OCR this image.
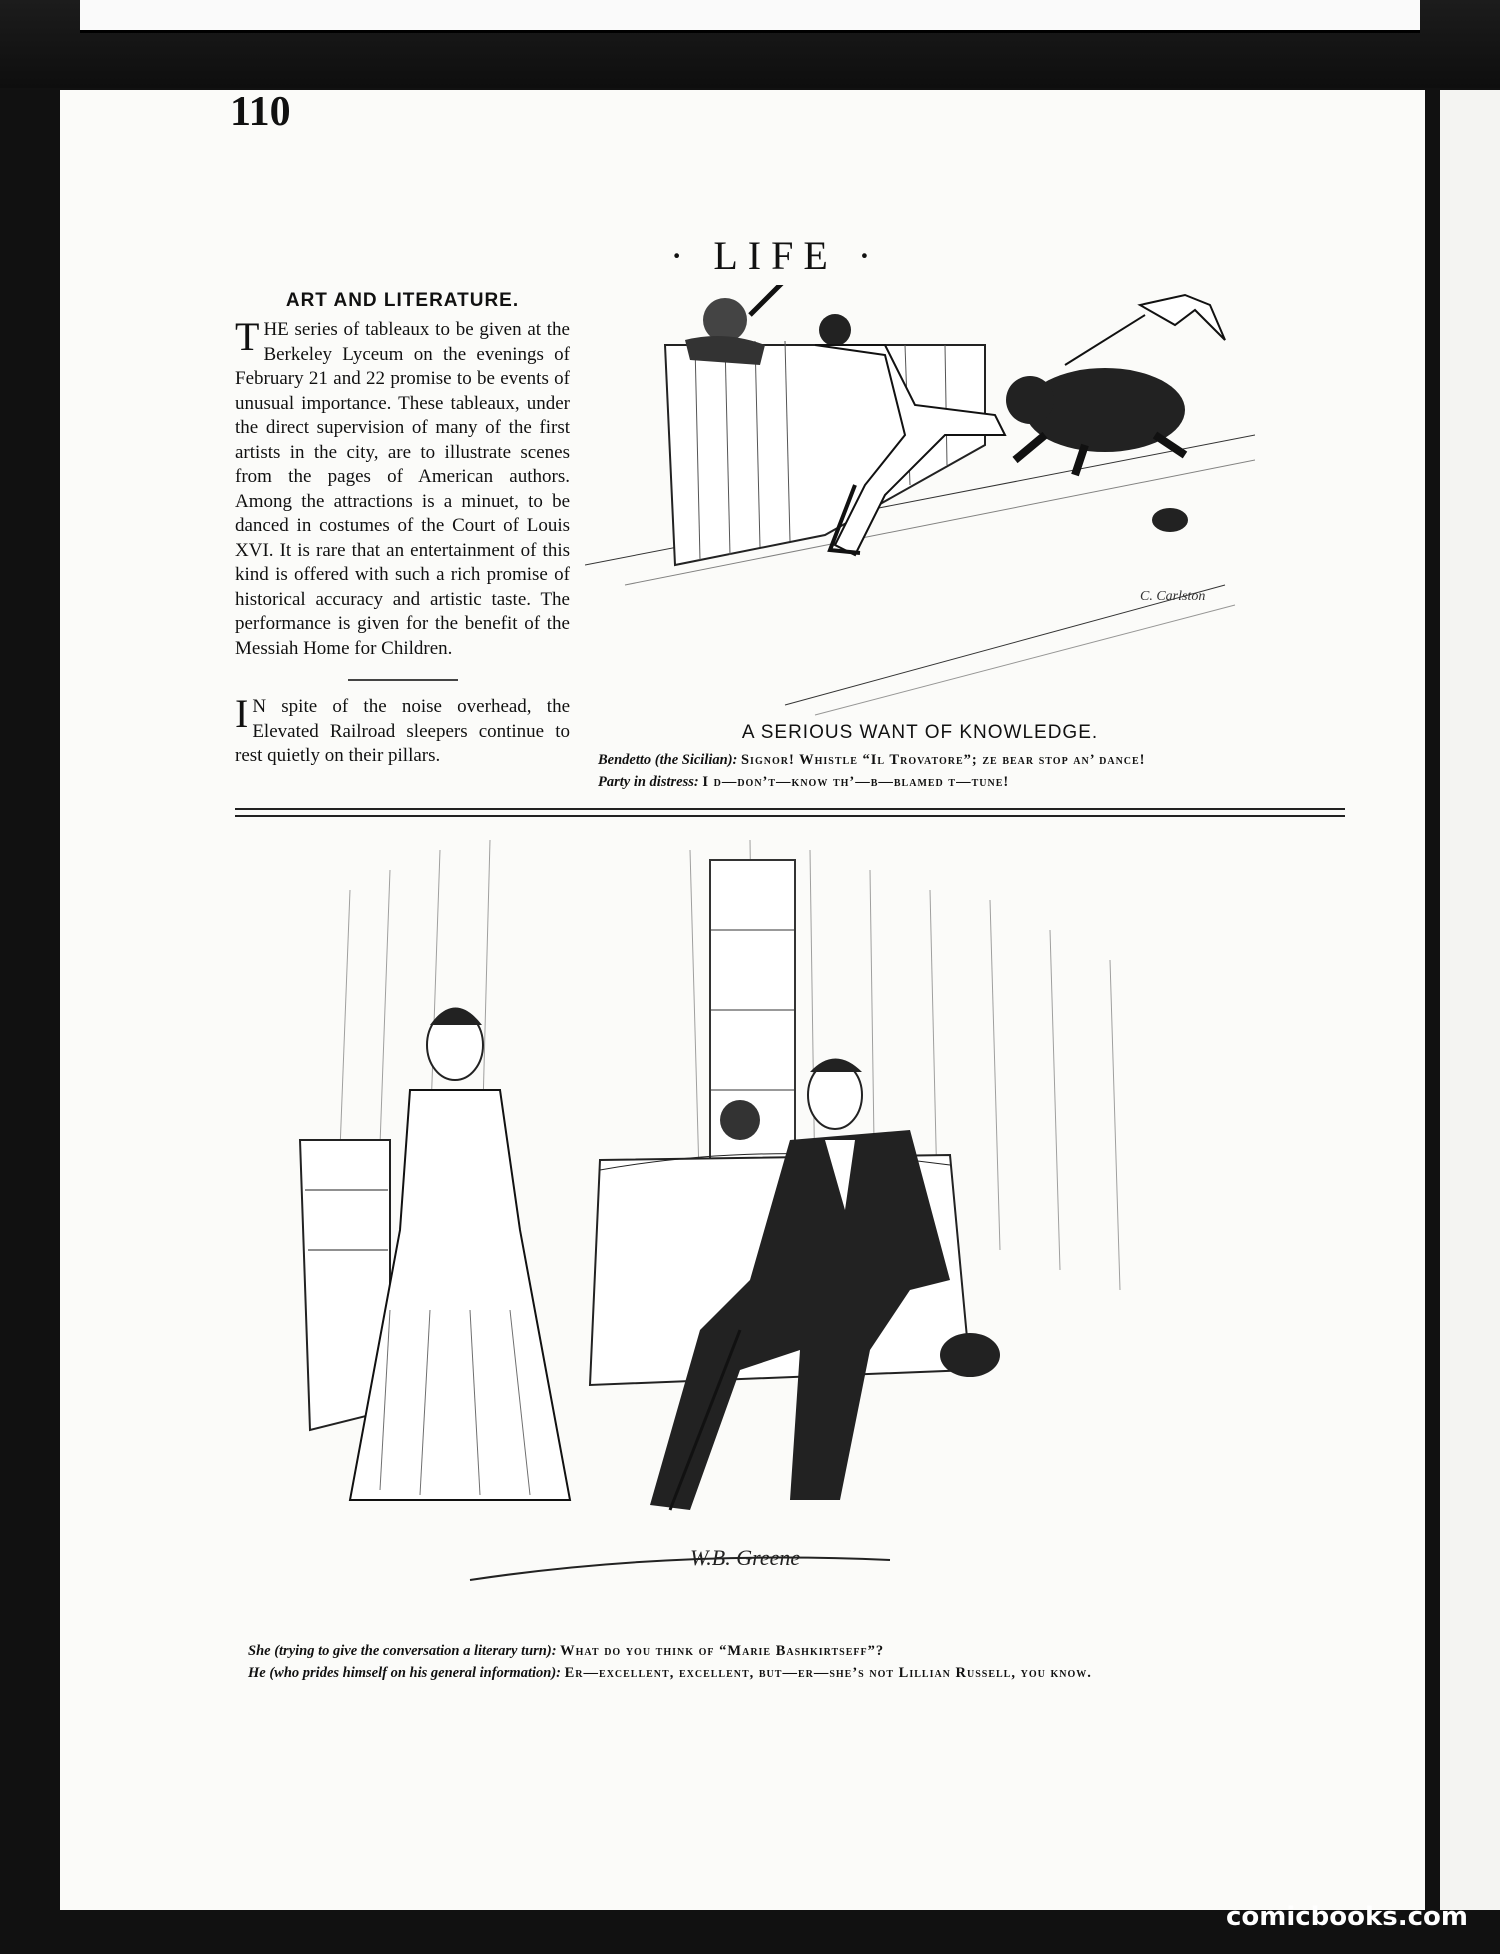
110
· LIFE ·
ART AND LITERATURE.

THE series of tableaux to be given at the Berkeley Lyceum on the evenings of February 21 and 22 promise to be events of unusual importance. These tableaux, under the direct supervision of many of the first artists in the city, are to illustrate scenes from the pages of American authors. Among the attractions is a minuet, to be danced in costumes of the Court of Louis XVI. It is rare that an entertainment of this kind is offered with such a rich promise of historical accuracy and artistic taste. The performance is given for the benefit of the Messiah Home for Children.

I N spite of the noise overhead, the Elevated Railroad sleepers continue to rest quietly on their pillars.

C. Carlston
A SERIOUS WANT OF KNOWLEDGE.
Bendetto (the Sicilian): Signor! Whistle “Il Trovatore”; ze bear stop an’ dance!
Party in distress: I d—don’t—know th’—b—blamed t—tune!
W.B. Greene
She (trying to give the conversation a literary turn): What do you think of “Marie Bashkirtseff”?
He (who prides himself on his general information): Er—excellent, excellent, but—er—she’s not Lillian Russell, you know.
comicbooks.com
